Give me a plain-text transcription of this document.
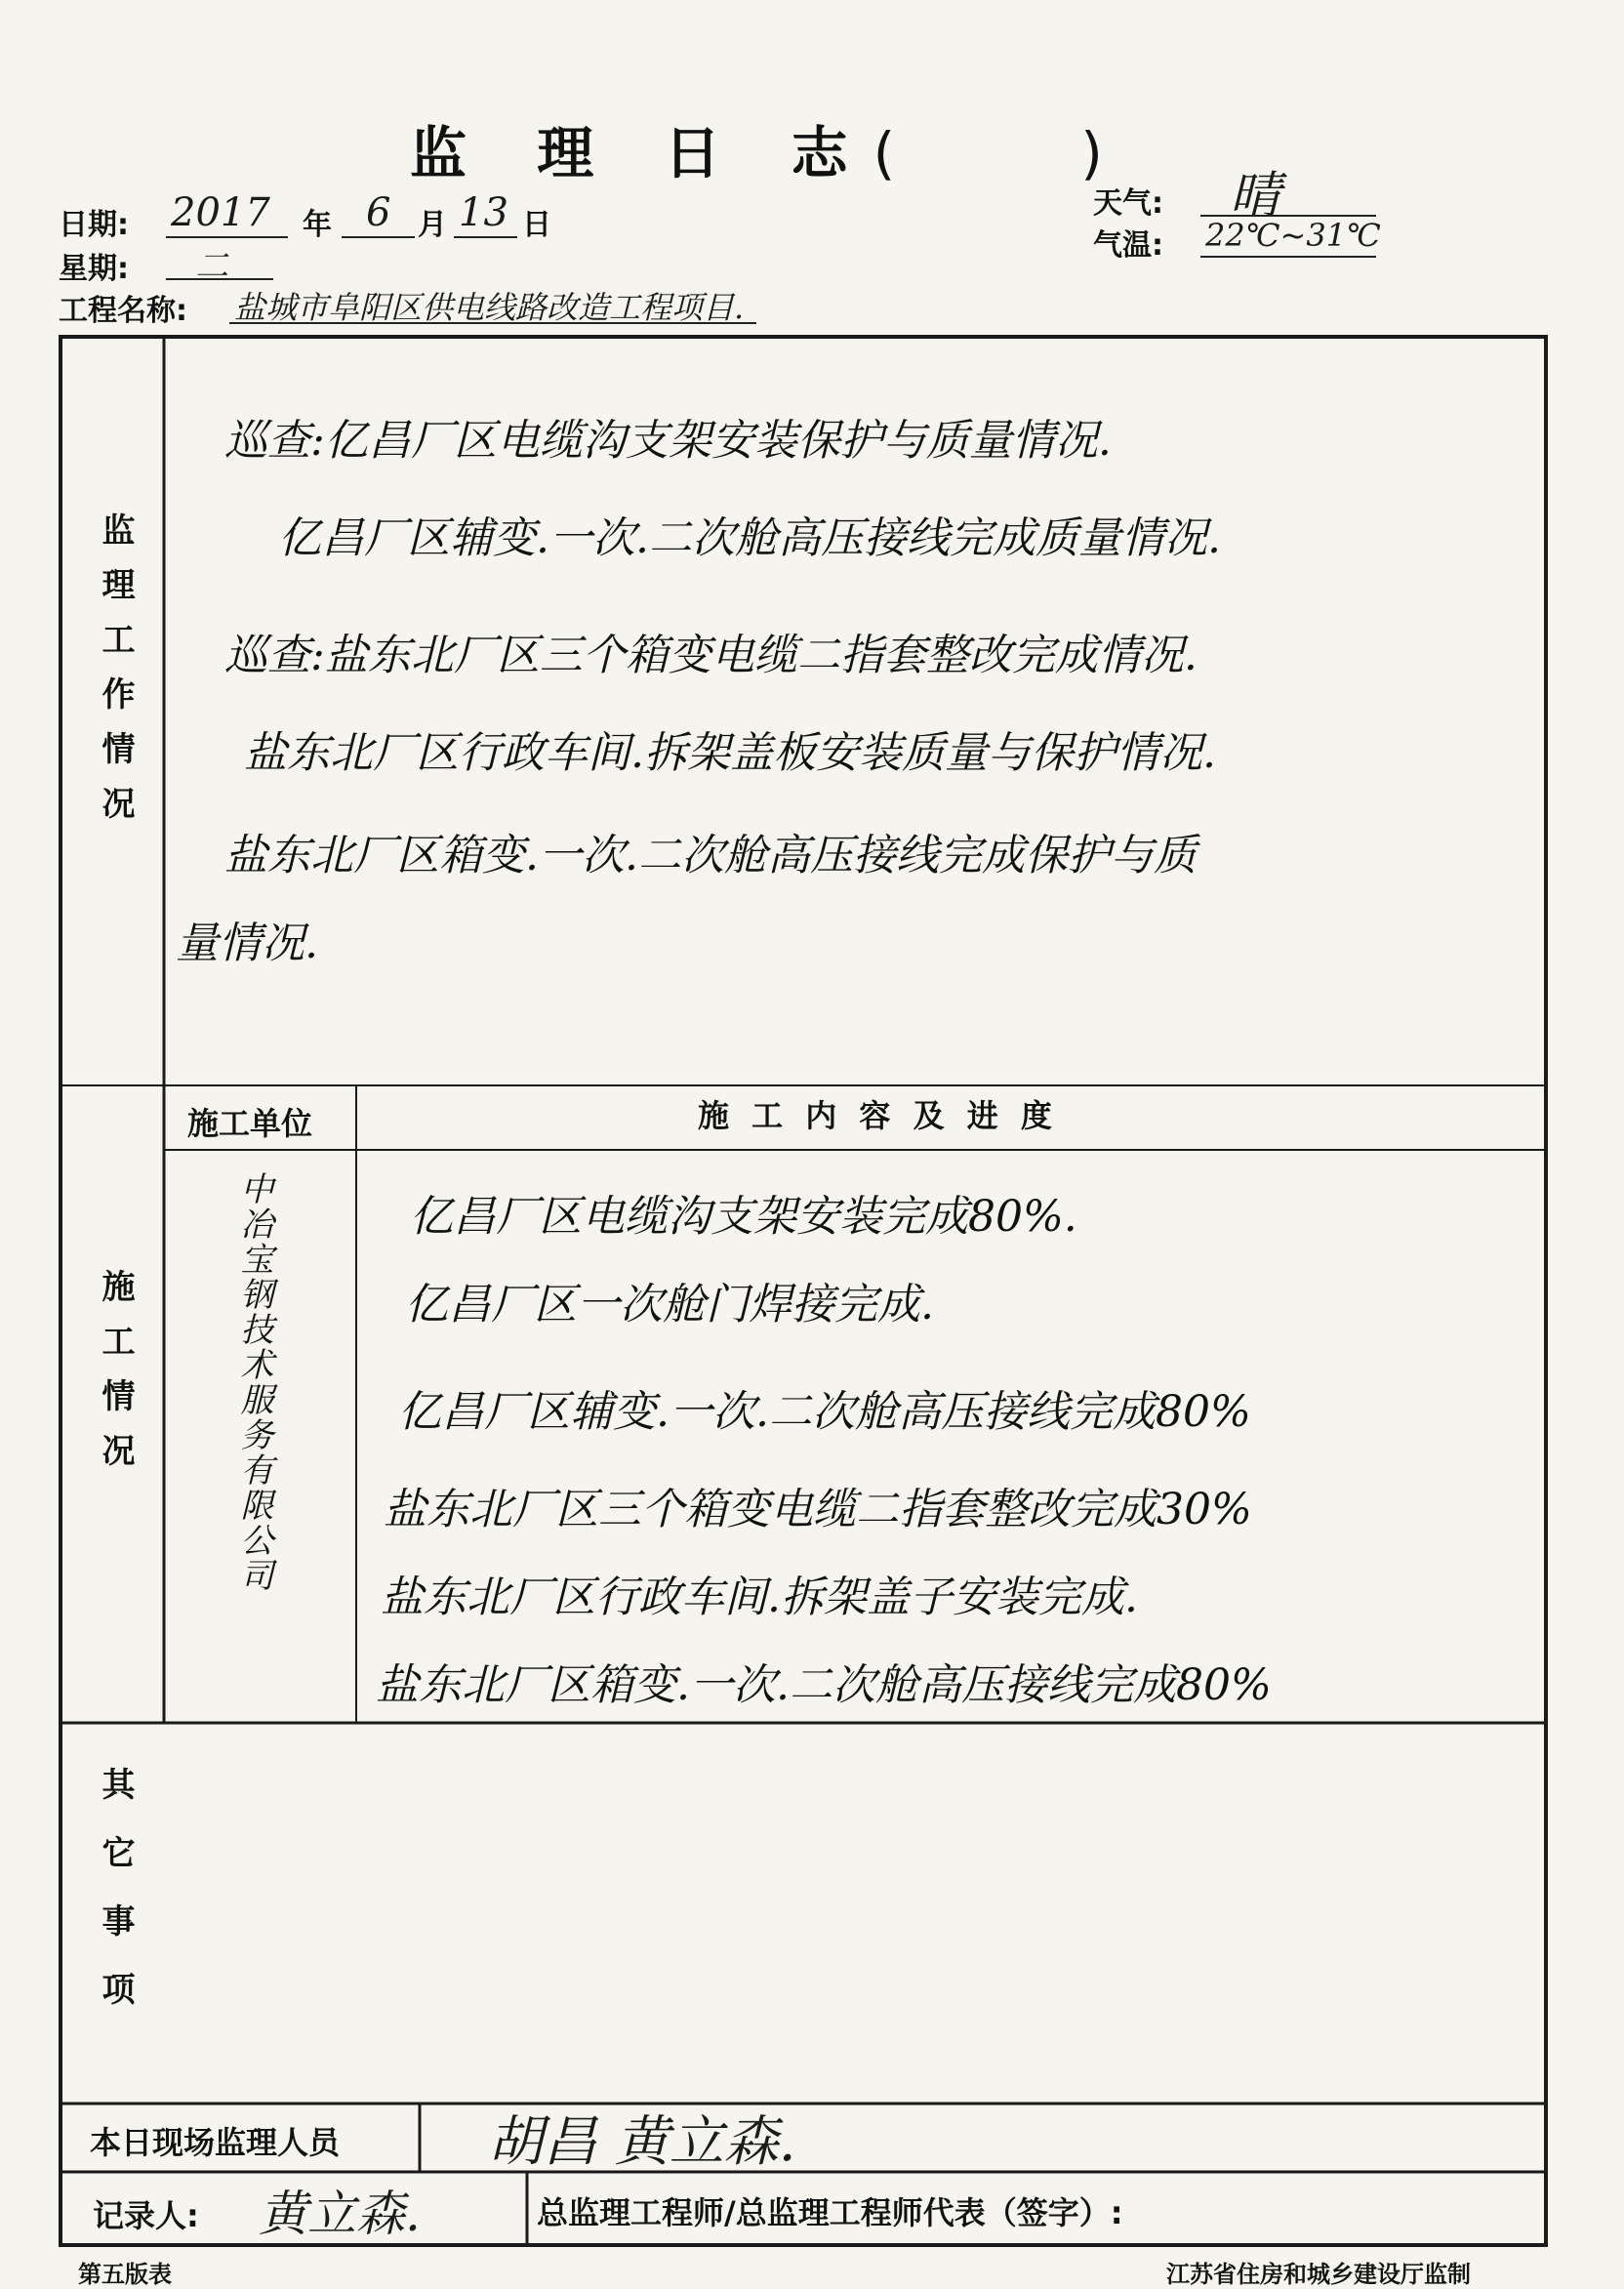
监 理 日 志(	)
日期: 2017 年 6 月 13 日
星期: 二
工程名称: 盐城市阜阳区供电线路改造工程项目.
天气: 晴
气温: 22℃~31℃
监理工作情况
巡查:亿昌厂区电缆沟支架安装保护与质量情况.
亿昌厂区辅变.一次.二次舱高压接线完成质量情况.
巡查:盐东北厂区三个箱变电缆二指套整改完成情况.
盐东北厂区行政车间.拆架盖板安装质量与保护情况.
盐东北厂区箱变.一次.二次舱高压接线完成保护与质
量情况.
施工情况
施工单位	施 工 内 容 及 进 度
中冶宝钢技术服务有限公司	亿昌厂区电缆沟支架安装完成80%.
亿昌厂区一次舱门焊接完成.
亿昌厂区辅变.一次.二次舱高压接线完成80%
盐东北厂区三个箱变电缆二指套整改完成30%
盐东北厂区行政车间.拆架盖子安装完成.
盐东北厂区箱变.一次.二次舱高压接线完成80%
其它事项
本日现场监理人员	胡昌 黄立森.
记录人: 黄立森.	总监理工程师/总监理工程师代表（签字）:
第五版表	江苏省住房和城乡建设厅监制
